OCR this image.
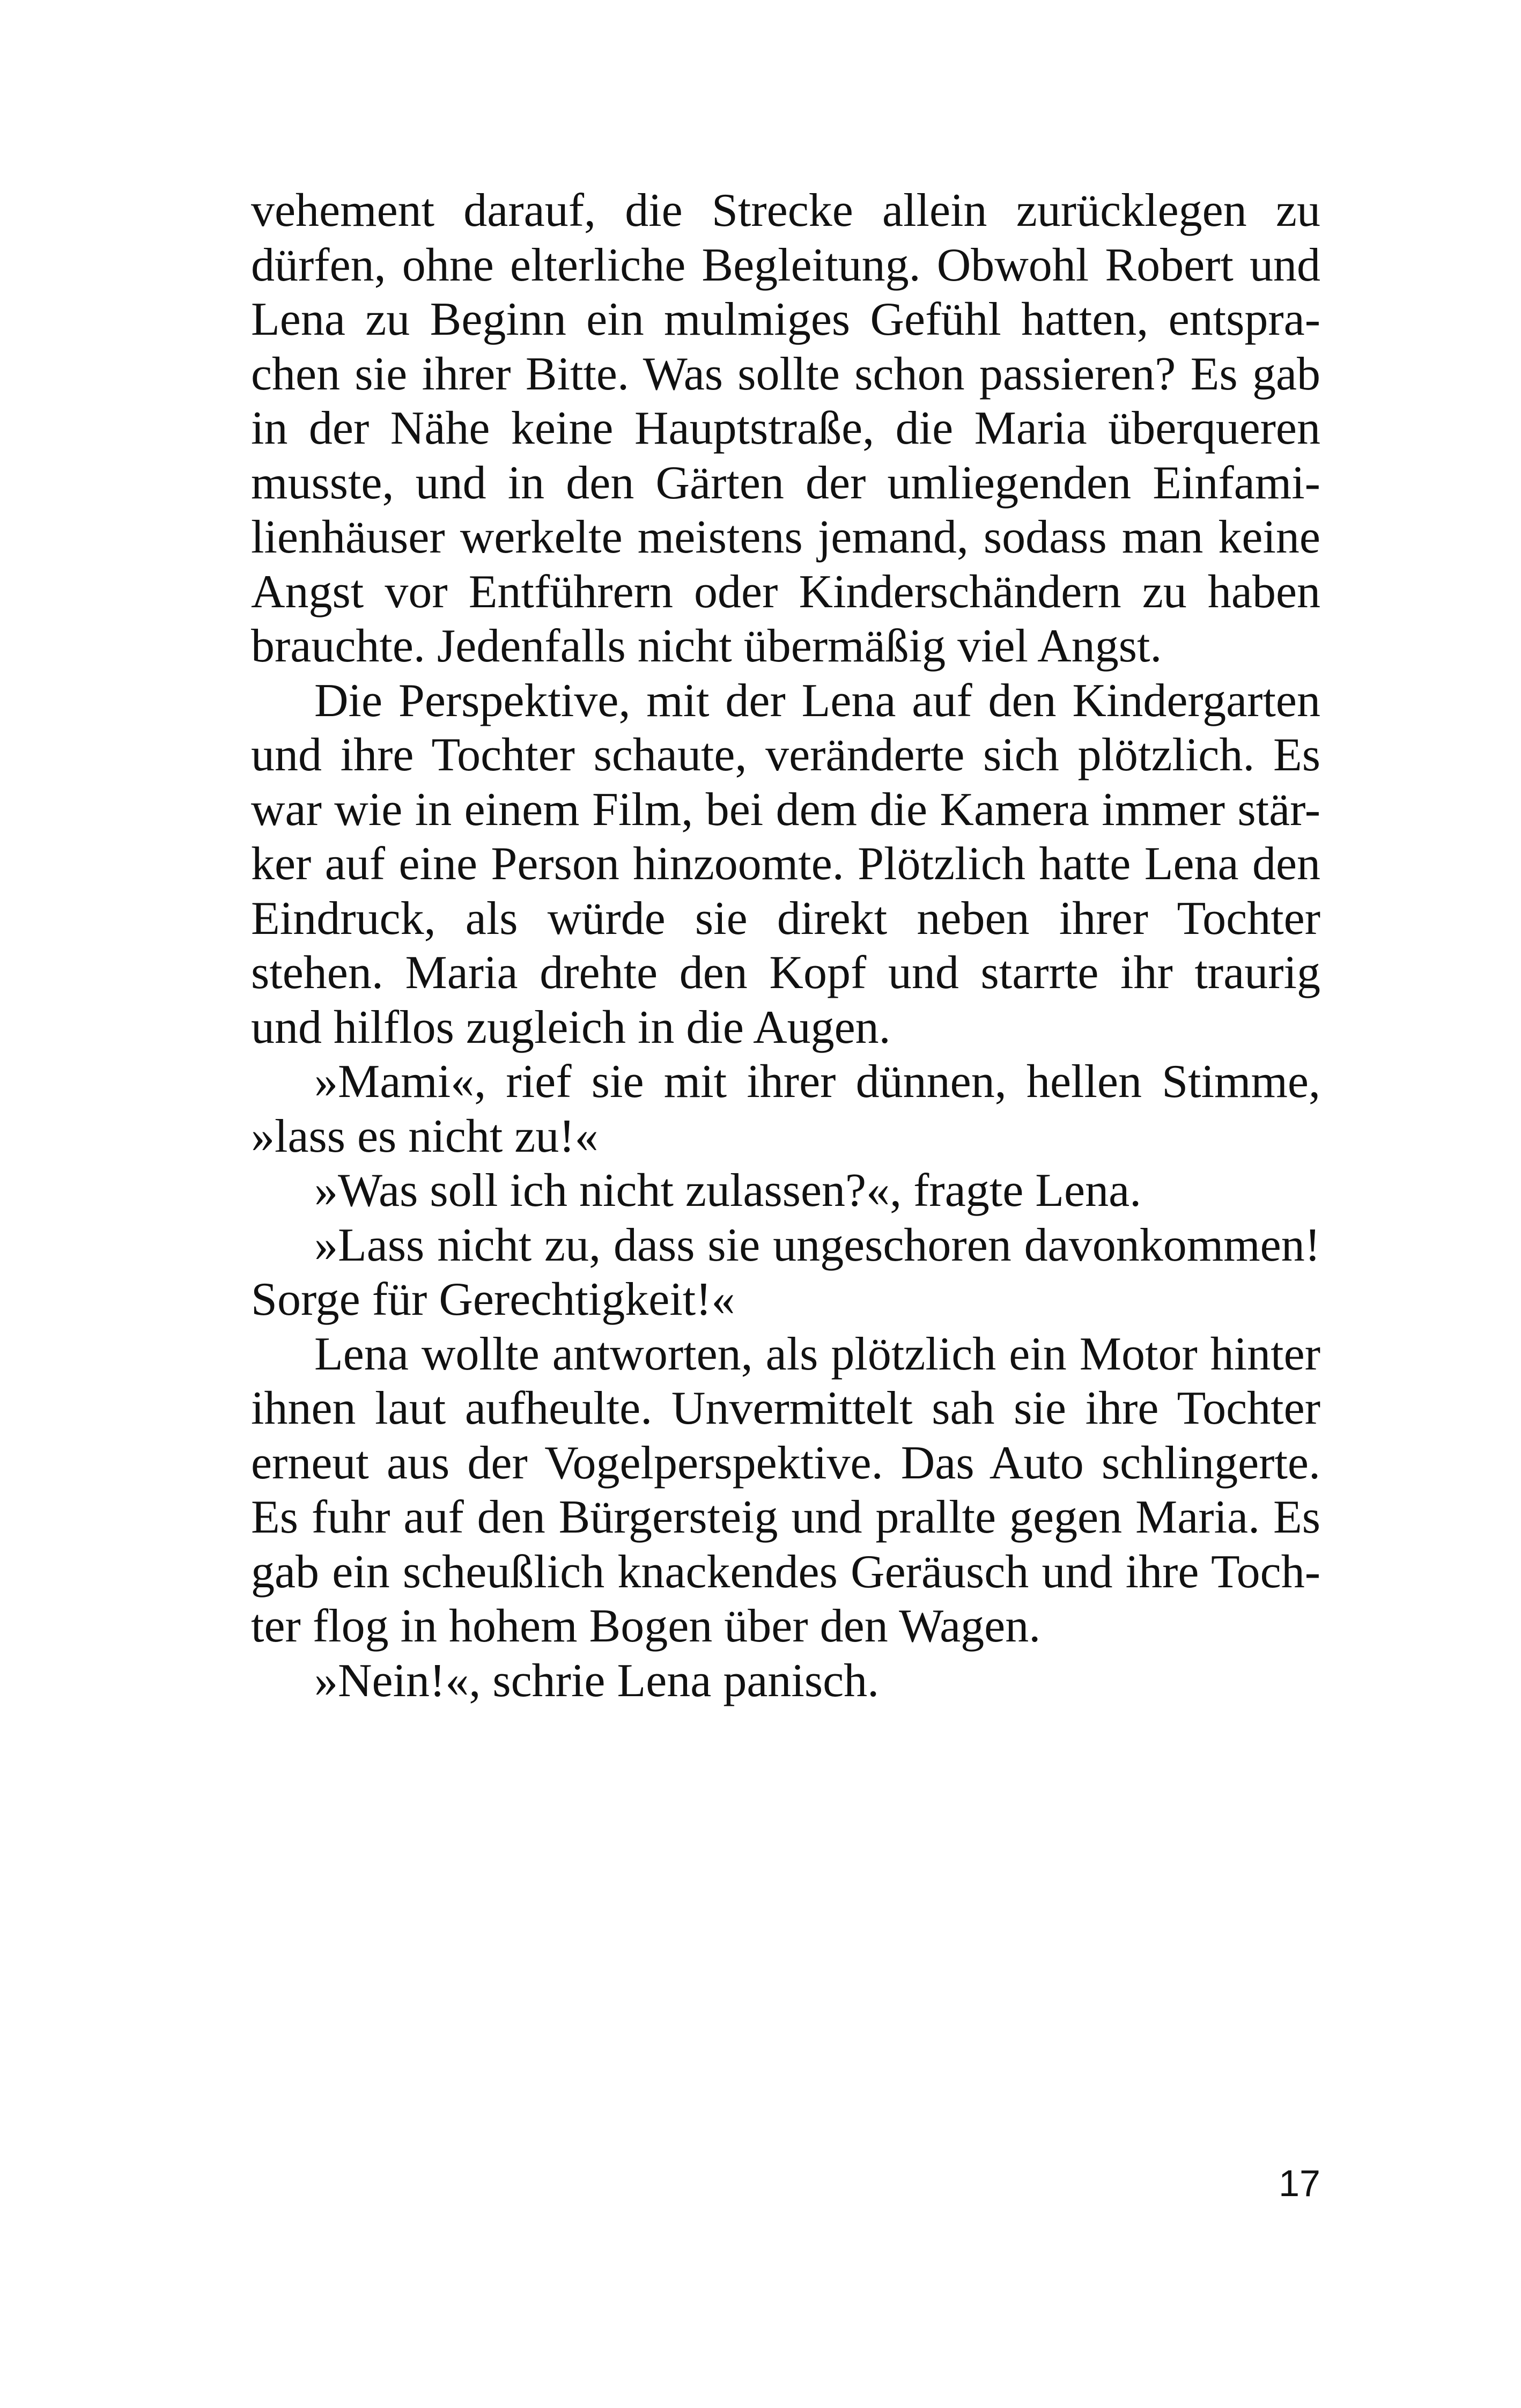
vehement darauf, die Strecke allein zurücklegen zu
dürfen, ohne elterliche Begleitung. Obwohl Robert und
Lena zu Beginn ein mulmiges Gefühl hatten, entspra-
chen sie ihrer Bitte. Was sollte schon passieren? Es gab
in der Nähe keine Hauptstraße, die Maria überqueren
musste, und in den Gärten der umliegenden Einfami-
lienhäuser werkelte meistens jemand, sodass man keine
Angst vor Entführern oder Kinderschändern zu haben
brauchte. Jedenfalls nicht übermäßig viel Angst.
Die Perspektive, mit der Lena auf den Kindergarten
und ihre Tochter schaute, veränderte sich plötzlich. Es
war wie in einem Film, bei dem die Kamera immer stär-
ker auf eine Person hinzoomte. Plötzlich hatte Lena den
Eindruck, als würde sie direkt neben ihrer Tochter
stehen. Maria drehte den Kopf und starrte ihr traurig
und hilflos zugleich in die Augen.
»Mami«, rief sie mit ihrer dünnen, hellen Stimme,
»lass es nicht zu!«
»Was soll ich nicht zulassen?«, fragte Lena.
»Lass nicht zu, dass sie ungeschoren davonkommen!
Sorge für Gerechtigkeit!«
Lena wollte antworten, als plötzlich ein Motor hinter
ihnen laut aufheulte. Unvermittelt sah sie ihre Tochter
erneut aus der Vogelperspektive. Das Auto schlingerte.
Es fuhr auf den Bürgersteig und prallte gegen Maria. Es
gab ein scheußlich knackendes Geräusch und ihre Toch-
ter flog in hohem Bogen über den Wagen.
»Nein!«, schrie Lena panisch.
17
